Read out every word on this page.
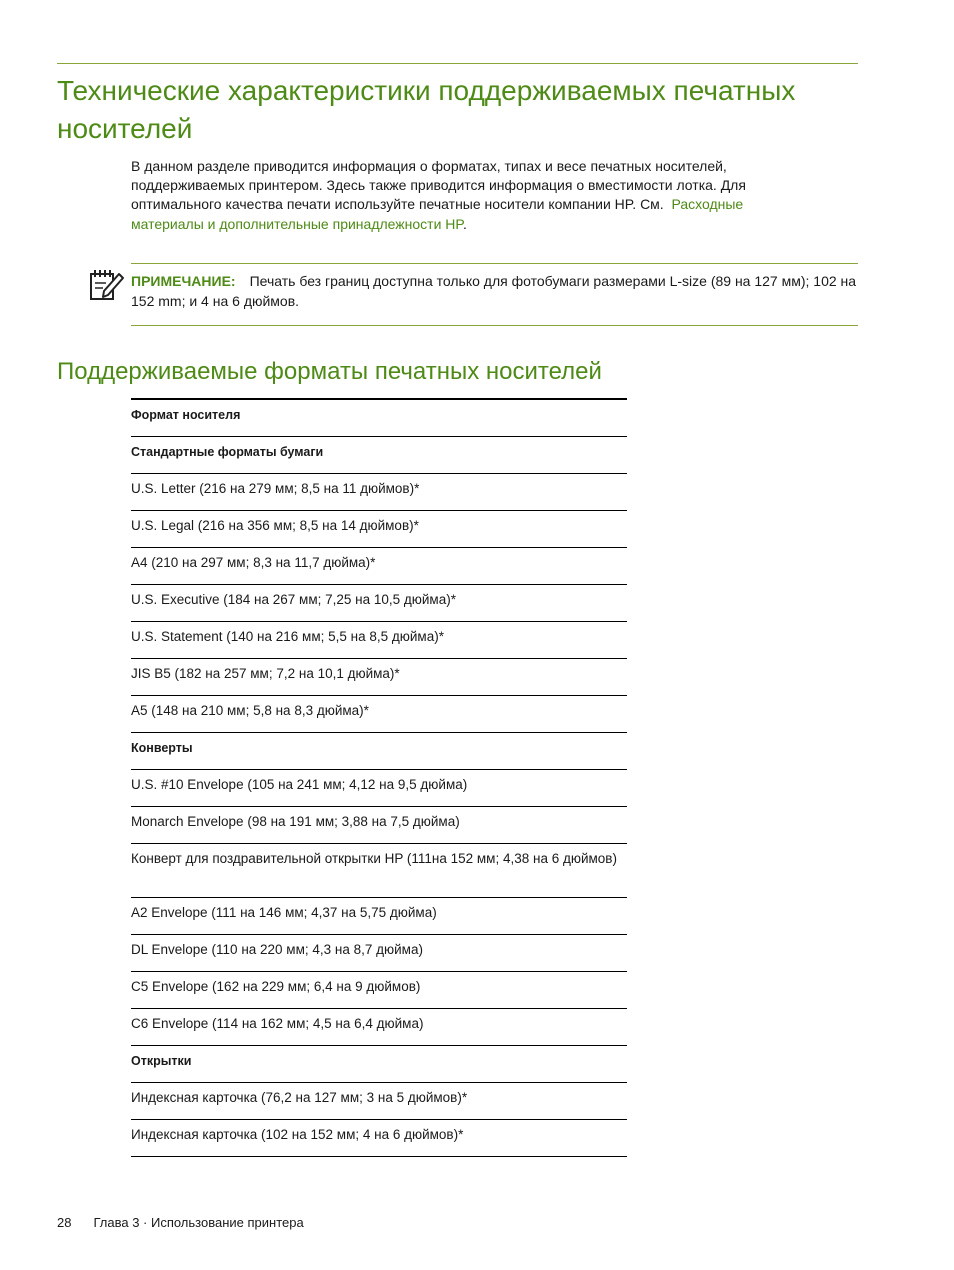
Технические характеристики поддерживаемых печатных носителей

В данном разделе приводится информация о форматах, типах и весе печатных носителей, поддерживаемых принтером. Здесь также приводится информация о вместимости лотка. Для оптимального качества печати используйте печатные носители компании HP. См. Расходные материалы и дополнительные принадлежности HP.

ПРИМЕЧАНИЕ: Печать без границ доступна только для фотобумаги размерами L-size (89 на 127 мм); 102 на 152 mm; и 4 на 6 дюймов.

Поддерживаемые форматы печатных носителей
Формат носителя
Стандартные форматы бумаги
U.S. Letter (216 на 279 мм; 8,5 на 11 дюймов)*
U.S. Legal (216 на 356 мм; 8,5 на 14 дюймов)*
A4 (210 на 297 мм; 8,3 на 11,7 дюйма)*
U.S. Executive (184 на 267 мм; 7,25 на 10,5 дюйма)*
U.S. Statement (140 на 216 мм; 5,5 на 8,5 дюйма)*
JIS B5 (182 на 257 мм; 7,2 на 10,1 дюйма)*
A5 (148 на 210 мм; 5,8 на 8,3 дюйма)*
Конверты
U.S. #10 Envelope (105 на 241 мм; 4,12 на 9,5 дюйма)
Monarch Envelope (98 на 191 мм; 3,88 на 7,5 дюйма)
Конверт для поздравительной открытки HP (111на 152 мм; 4,38 на 6 дюймов)
A2 Envelope (111 на 146 мм; 4,37 на 5,75 дюйма)
DL Envelope (110 на 220 мм; 4,3 на 8,7 дюйма)
C5 Envelope (162 на 229 мм; 6,4 на 9 дюймов)
C6 Envelope (114 на 162 мм; 4,5 на 6,4 дюйма)
Открытки
Индексная карточка (76,2 на 127 мм; 3 на 5 дюймов)*
Индексная карточка (102 на 152 мм; 4 на 6 дюймов)*
28 Глава 3 · Использование принтера
